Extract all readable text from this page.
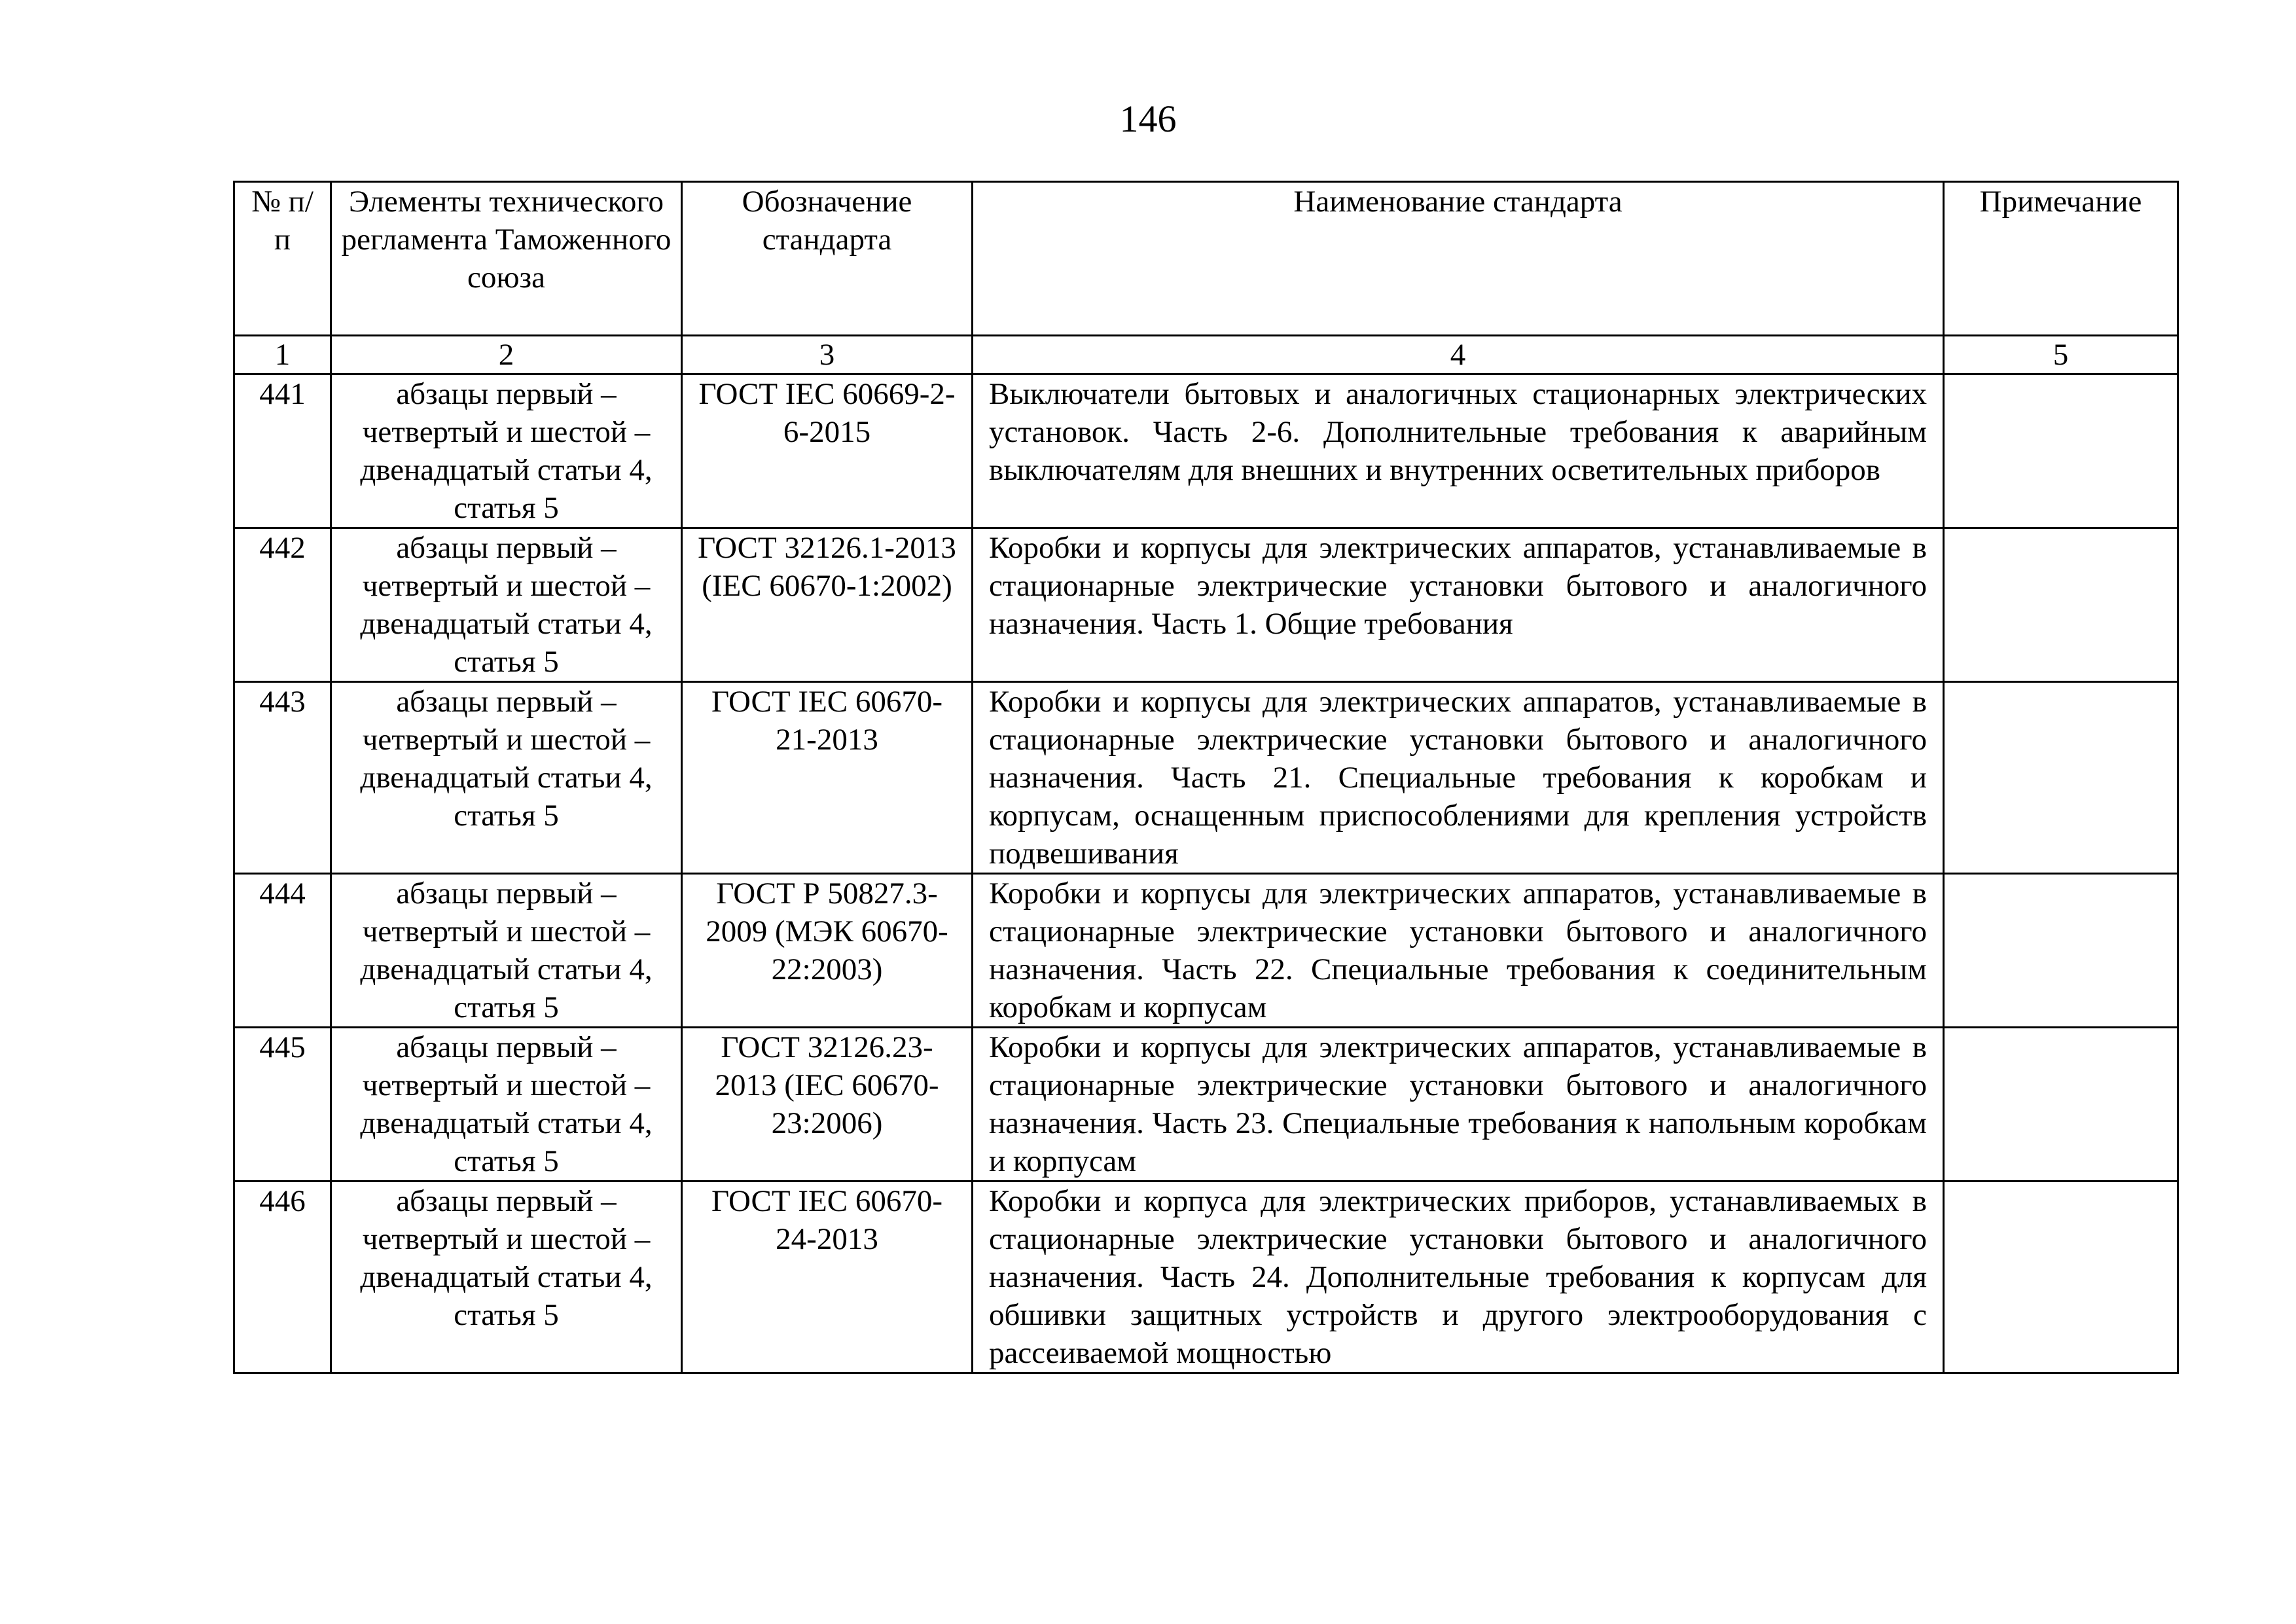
146
№ п/п	Элементы технического регламента Таможенного союза	Обозначение стандарта	Наименование стандарта	Примечание
1	2	3	4	5
441	абзацы первый – четвертый и шестой – двенадцатый статьи 4, статья 5	ГОСТ IEC 60669-2-6-2015	Выключатели бытовых и аналогичных стационарных электрических установок. Часть 2-6. Дополнительные требования к аварийным выключателям для внешних и внутренних осветительных приборов	
442	абзацы первый – четвертый и шестой – двенадцатый статьи 4, статья 5	ГОСТ 32126.1-2013 (IEC 60670-1:2002)	Коробки и корпусы для электрических аппаратов, устанавливаемые в стационарные электрические установки бытового и аналогичного назначения. Часть 1. Общие требования	
443	абзацы первый – четвертый и шестой – двенадцатый статьи 4, статья 5	ГОСТ IEC 60670-21-2013	Коробки и корпусы для электрических аппаратов, устанавливаемые в стационарные электрические установки бытового и аналогичного назначения. Часть 21. Специальные требования к коробкам и корпусам, оснащенным приспособлениями для крепления устройств подвешивания	
444	абзацы первый – четвертый и шестой – двенадцатый статьи 4, статья 5	ГОСТ Р 50827.3-2009 (МЭК 60670-22:2003)	Коробки и корпусы для электрических аппаратов, устанавливаемые в стационарные электрические установки бытового и аналогичного назначения. Часть 22. Специальные требования к соединительным коробкам и корпусам	
445	абзацы первый – четвертый и шестой – двенадцатый статьи 4, статья 5	ГОСТ 32126.23-2013 (IEC 60670-23:2006)	Коробки и корпусы для электрических аппаратов, устанавливаемые в стационарные электрические установки бытового и аналогичного назначения. Часть 23. Специальные требования к напольным коробкам и корпусам	
446	абзацы первый – четвертый и шестой – двенадцатый статьи 4, статья 5	ГОСТ IEC 60670-24-2013	Коробки и корпуса для электрических приборов, устанавливаемых в стационарные электрические установки бытового и аналогичного назначения. Часть 24. Дополнительные требования к корпусам для обшивки защитных устройств и другого электрооборудования с рассеиваемой мощностью	
